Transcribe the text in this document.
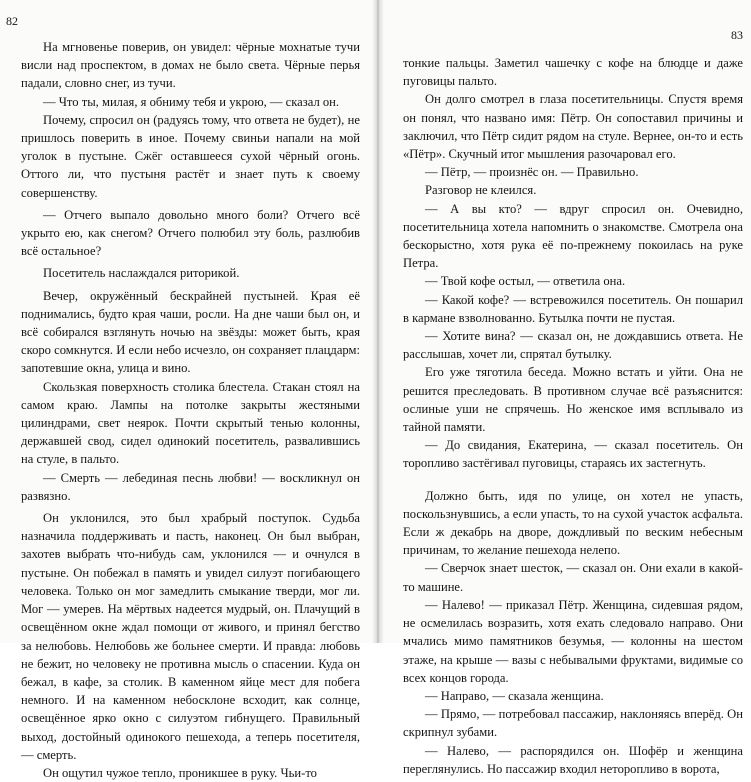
82

На мгновенье поверив, он увидел: чёрные мохнатые тучи висли над проспектом, в домах не было света. Чёрные перья падали, словно снег, из тучи.

— Что ты, милая, я обниму тебя и укрою, — сказал он.

Почему, спросил он (радуясь тому, что ответа не будет), не пришлось поверить в иное. Почему свиньи напали на мой уголок в пустыне. Сжёг оставшееся сухой чёрный огонь. Оттого ли, что пустыня растёт и знает путь к своему совершенству.

— Отчего выпало довольно много боли? Отчего всё укрыто ею, как снегом? Отчего полюбил эту боль, разлюбив всё остальное?

Посетитель наслаждался риторикой.

Вечер, окружённый бескрайней пустыней. Края её поднимались, будто края чаши, росли. На дне чаши был он, и всё собирался взглянуть ночью на звёзды: может быть, края скоро сомкнутся. И если небо исчезло, он сохраняет плацдарм: запотевшие окна, улица и вино.

Скользкая поверхность столика блестела. Стакан стоял на самом краю. Лампы на потолке закрыты жестяными цилиндрами, свет неярок. Почти скрытый тенью колонны, державшей свод, сидел одинокий посетитель, развалившись на стуле, в пальто.

— Смерть — лебединая песнь любви! — воскликнул он развязно.

Он уклонился, это был храбрый поступок. Судьба назначила поддерживать и пасть, наконец. Он был выбран, захотев выбрать что-нибудь сам, уклонился — и очнулся в пустыне. Он побежал в память и увидел силуэт погибающего человека. Только он мог замедлить смыкание тверди, мог ли. Мог — умерев. На мёртвых надеется мудрый, он. Плачущий в освещённом окне ждал помощи от живого, и принял бегство за нелюбовь. Нелюбовь же больнее смерти. И правда: любовь не бежит, но человеку не противна мысль о спасении. Куда он бежал, в кафе, за столик. В каменном яйце мест для побега немного. И на каменном небосклоне всходит, как солнце, освещённое ярко окно с силуэтом гибнущего. Правильный выход, достойный одинокого пешехода, а теперь посетителя, — смерть.

Он ощутил чужое тепло, проникшее в руку. Чьи-то

83

тонкие пальцы. Заметил чашечку с кофе на блюдце и даже пуговицы пальто.

Он долго смотрел в глаза посетительницы. Спустя время он понял, что названо имя: Пётр. Он сопоставил причины и заключил, что Пётр сидит рядом на стуле. Вернее, он-то и есть «Пётр». Скучный итог мышления разочаровал его.

— Пётр, — произнёс он. — Правильно.

Разговор не клеился.

— А вы кто? — вдруг спросил он. Очевидно, посетительница хотела напомнить о знакомстве. Смотрела она бескорыстно, хотя рука её по-прежнему покоилась на руке Петра.

— Твой кофе остыл, — ответила она.

— Какой кофе? — встревожился посетитель. Он пошарил в кармане взволнованно. Бутылка почти не пустая.

— Хотите вина? — сказал он, не дождавшись ответа. Не расслышав, хочет ли, спрятал бутылку.

Его уже тяготила беседа. Можно встать и уйти. Она не решится преследовать. В противном случае всё разъяснится: ослиные уши не спрячешь. Но женское имя всплывало из тайной памяти.

— До свидания, Екатерина, — сказал посетитель. Он торопливо застёгивал пуговицы, стараясь их застегнуть.

Должно быть, идя по улице, он хотел не упасть, поскользнувшись, а если упасть, то на сухой участок асфальта. Если ж декабрь на дворе, дождливый по веским небесным причинам, то желание пешехода нелепо.

— Сверчок знает шесток, — сказал он. Они ехали в какой-то машине.

— Налево! — приказал Пётр. Женщина, сидевшая рядом, не осмелилась возразить, хотя ехать следовало направо. Они мчались мимо памятников безумья, — колонны на шестом этаже, на крыше — вазы с небывалыми фруктами, видимые со всех концов города.

— Направо, — сказала женщина.

— Прямо, — потребовал пассажир, наклоняясь вперёд. Он скрипнул зубами.

— Налево, — распорядился он. Шофёр и женщина переглянулись. Но пассажир входил неторопливо в ворота,
